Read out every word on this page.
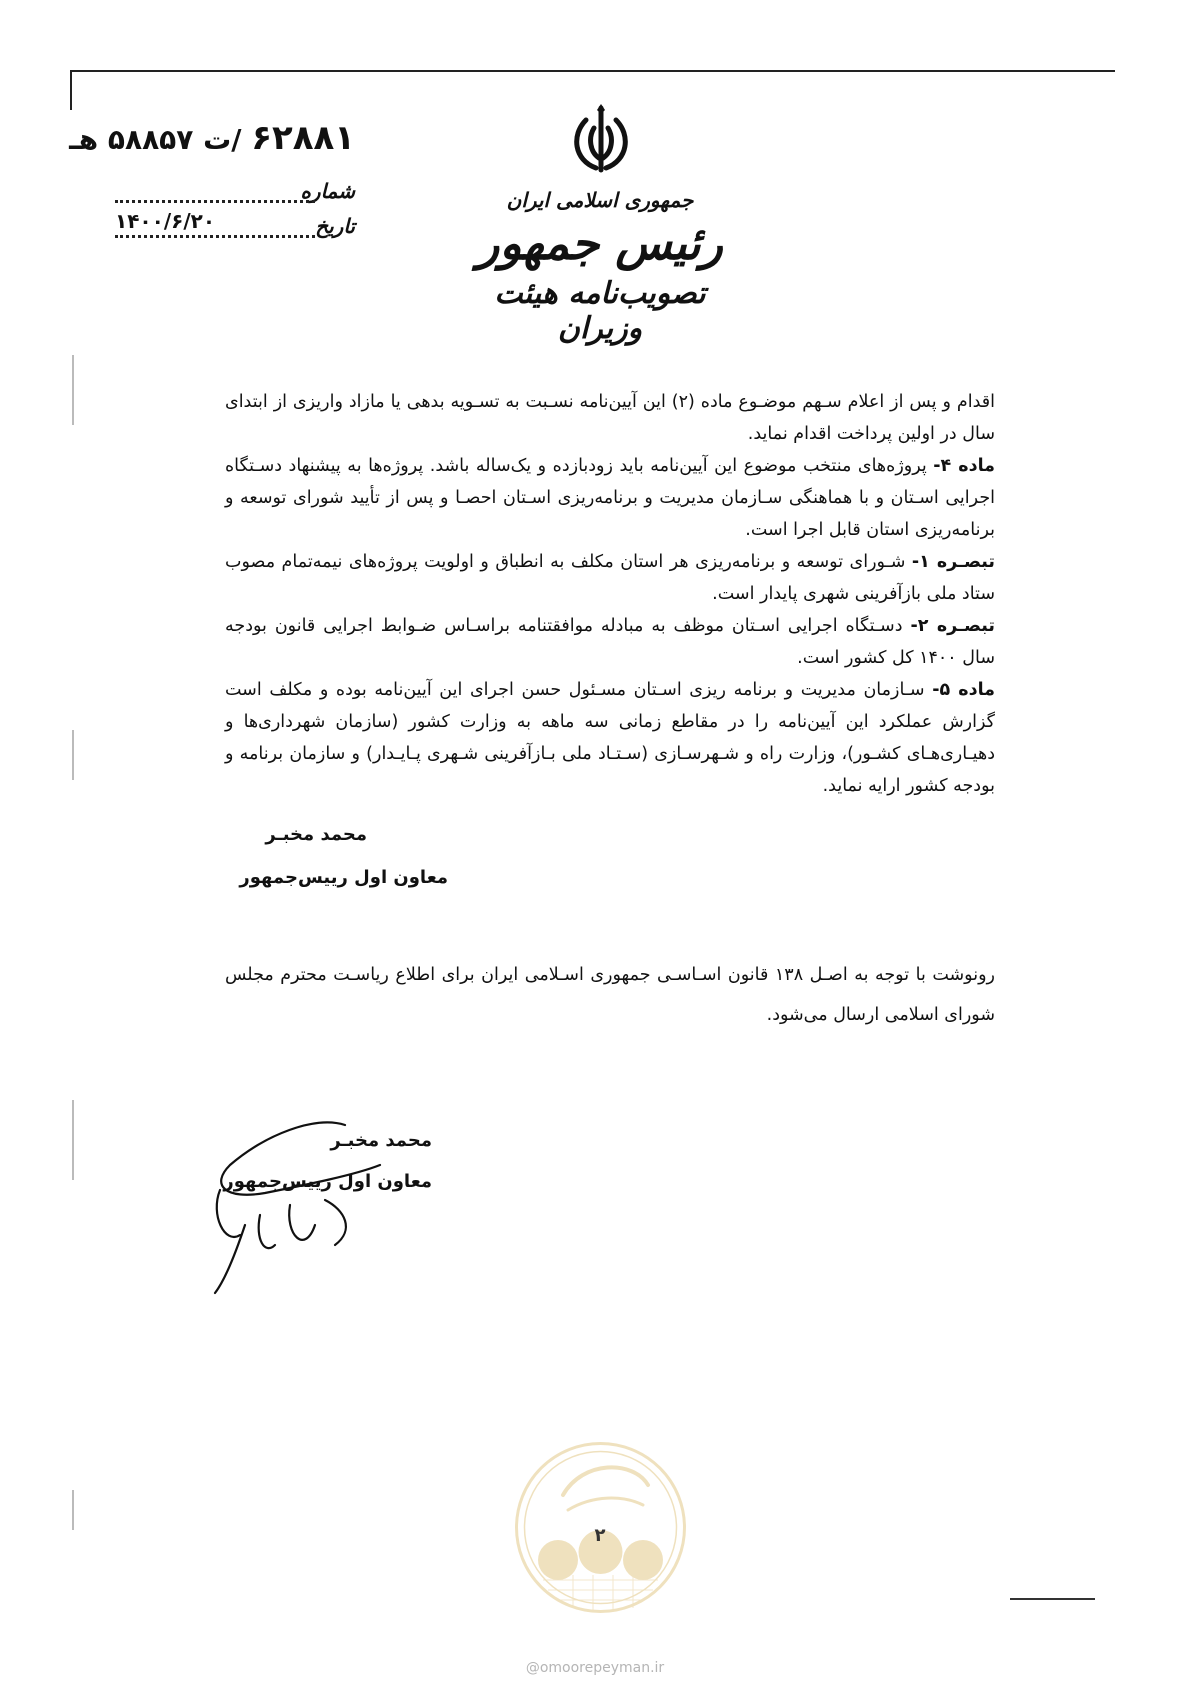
۶۲۸۸۱ /ت ۵۸۸۵۷ هـ
شماره
تاریخ
۱۴۰۰/۶/۲۰
جمهوری اسلامی ایران
رئیس جمهور
تصویب‌نامه هیئت وزیران

اقدام و پس از اعلام سـهم موضـوع ماده (۲) این آیین‌نامه نسـبت به تسـویه بدهی یا مازاد واریزی از ابتدای سال در اولین پرداخت اقدام نماید.

ماده ۴- پروژه‌های منتخب موضوع این آیین‌نامه باید زودبازده و یک‌ساله باشد. پروژه‌ها به پیشنهاد دسـتگاه اجرایی اسـتان و با هماهنگی سـازمان مدیریت و برنامه‌ریزی اسـتان احصـا و پس از تأیید شورای توسعه و برنامه‌ریزی استان قابل اجرا است.

تبصـره ۱- شـورای توسعه و برنامه‌ریزی هر استان مکلف به انطباق و اولویت پروژه‌های نیمه‌تمام مصوب ستاد ملی بازآفرینی شهری پایدار است.

تبصـره ۲- دسـتگاه اجرایی اسـتان موظف به مبادله موافقتنامه براسـاس ضـوابط اجرایی قانون بودجه سال ۱۴۰۰ کل کشور است.

ماده ۵- سـازمان مدیریت و برنامه ریزی اسـتان مسـئول حسن اجرای این آیین‌نامه بوده و مکلف است گزارش عملکرد این آیین‌نامه را در مقاطع زمانی سه ماهه به وزارت کشور (سازمان شهرداری‌ها و دهیـاری‌هـای کشـور)، وزارت راه و شـهرسـازی (سـتـاد ملی بـازآفرینی شـهری پـایـدار) و سازمان برنامه و بودجه کشور ارایه نماید.

محمد مخبـر
معاون اول رییس‌جمهور
رونوشت با توجه به اصـل ۱۳۸ قانون اسـاسـی جمهوری اسـلامی ایران برای اطلاع ریاسـت محترم مجلس شورای اسلامی ارسال می‌شود.
محمد مخبـر
معاون اول رییس‌جمهور
۲
@omoorepeyman.ir
